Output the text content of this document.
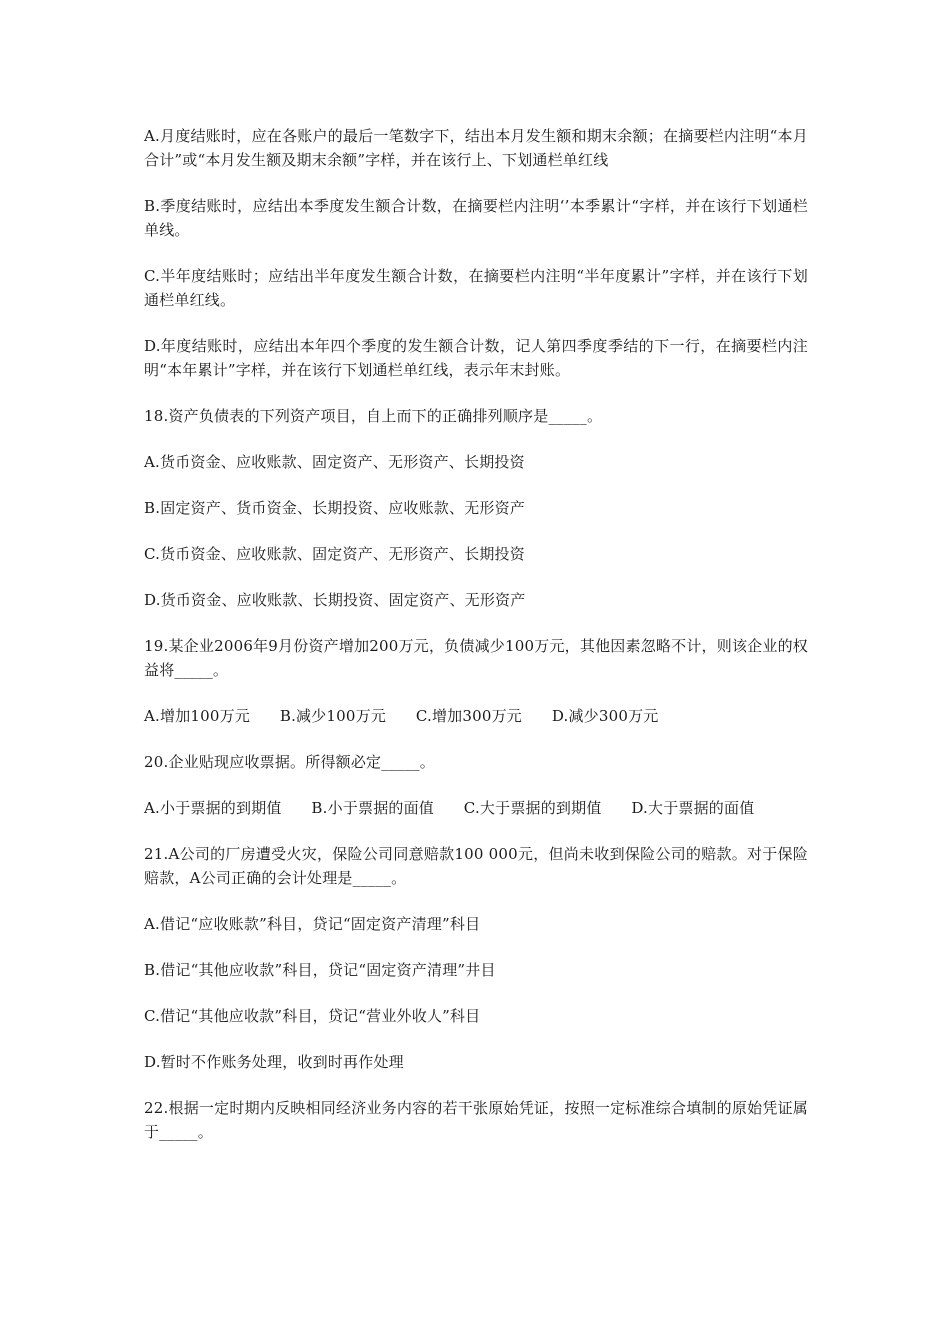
A.月度结账时，应在各账户的最后一笔数字下，结出本月发生额和期末余额；在摘要栏内注明“本月合计”或“本月发生额及期末余额”字样，并在该行上、下划通栏单红线

B.季度结账时，应结出本季度发生额合计数，在摘要栏内注明‘’本季累计“字样，并在该行下划通栏单线。

C.半年度结账时；应结出半年度发生额合计数，在摘要栏内注明“半年度累计”字样，并在该行下划通栏单红线。

D.年度结账时，应结出本年四个季度的发生额合计数，记人第四季度季结的下一行，在摘要栏内注明“本年累计”字样，并在该行下划通栏单红线，表示年末封账。

18.资产负债表的下列资产项目，自上而下的正确排列顺序是_____。

A.货币资金、应收账款、固定资产、无形资产、长期投资

B.固定资产、货币资金、长期投资、应收账款、无形资产

C.货币资金、应收账款、固定资产、无形资产、长期投资

D.货币资金、应收账款、长期投资、固定资产、无形资产

19.某企业2006年9月份资产增加200万元，负债减少100万元，其他因素忽略不计，则该企业的权益将_____。

A.增加100万元      B.减少100万元      C.增加300万元      D.减少300万元

20.企业贴现应收票据。所得额必定_____。

A.小于票据的到期值      B.小于票据的面值      C.大于票据的到期值      D.大于票据的面值

21.A公司的厂房遭受火灾，保险公司同意赔款100 000元，但尚未收到保险公司的赔款。对于保险赔款，A公司正确的会计处理是_____。

A.借记“应收账款”科目，贷记“固定资产清理”科目

B.借记“其他应收款”科目，贷记“固定资产清理”井目

C.借记“其他应收款”科目，贷记“营业外收人”科目

D.暂时不作账务处理，收到时再作处理

22.根据一定时期内反映相同经济业务内容的若干张原始凭证，按照一定标准综合填制的原始凭证属于_____。
